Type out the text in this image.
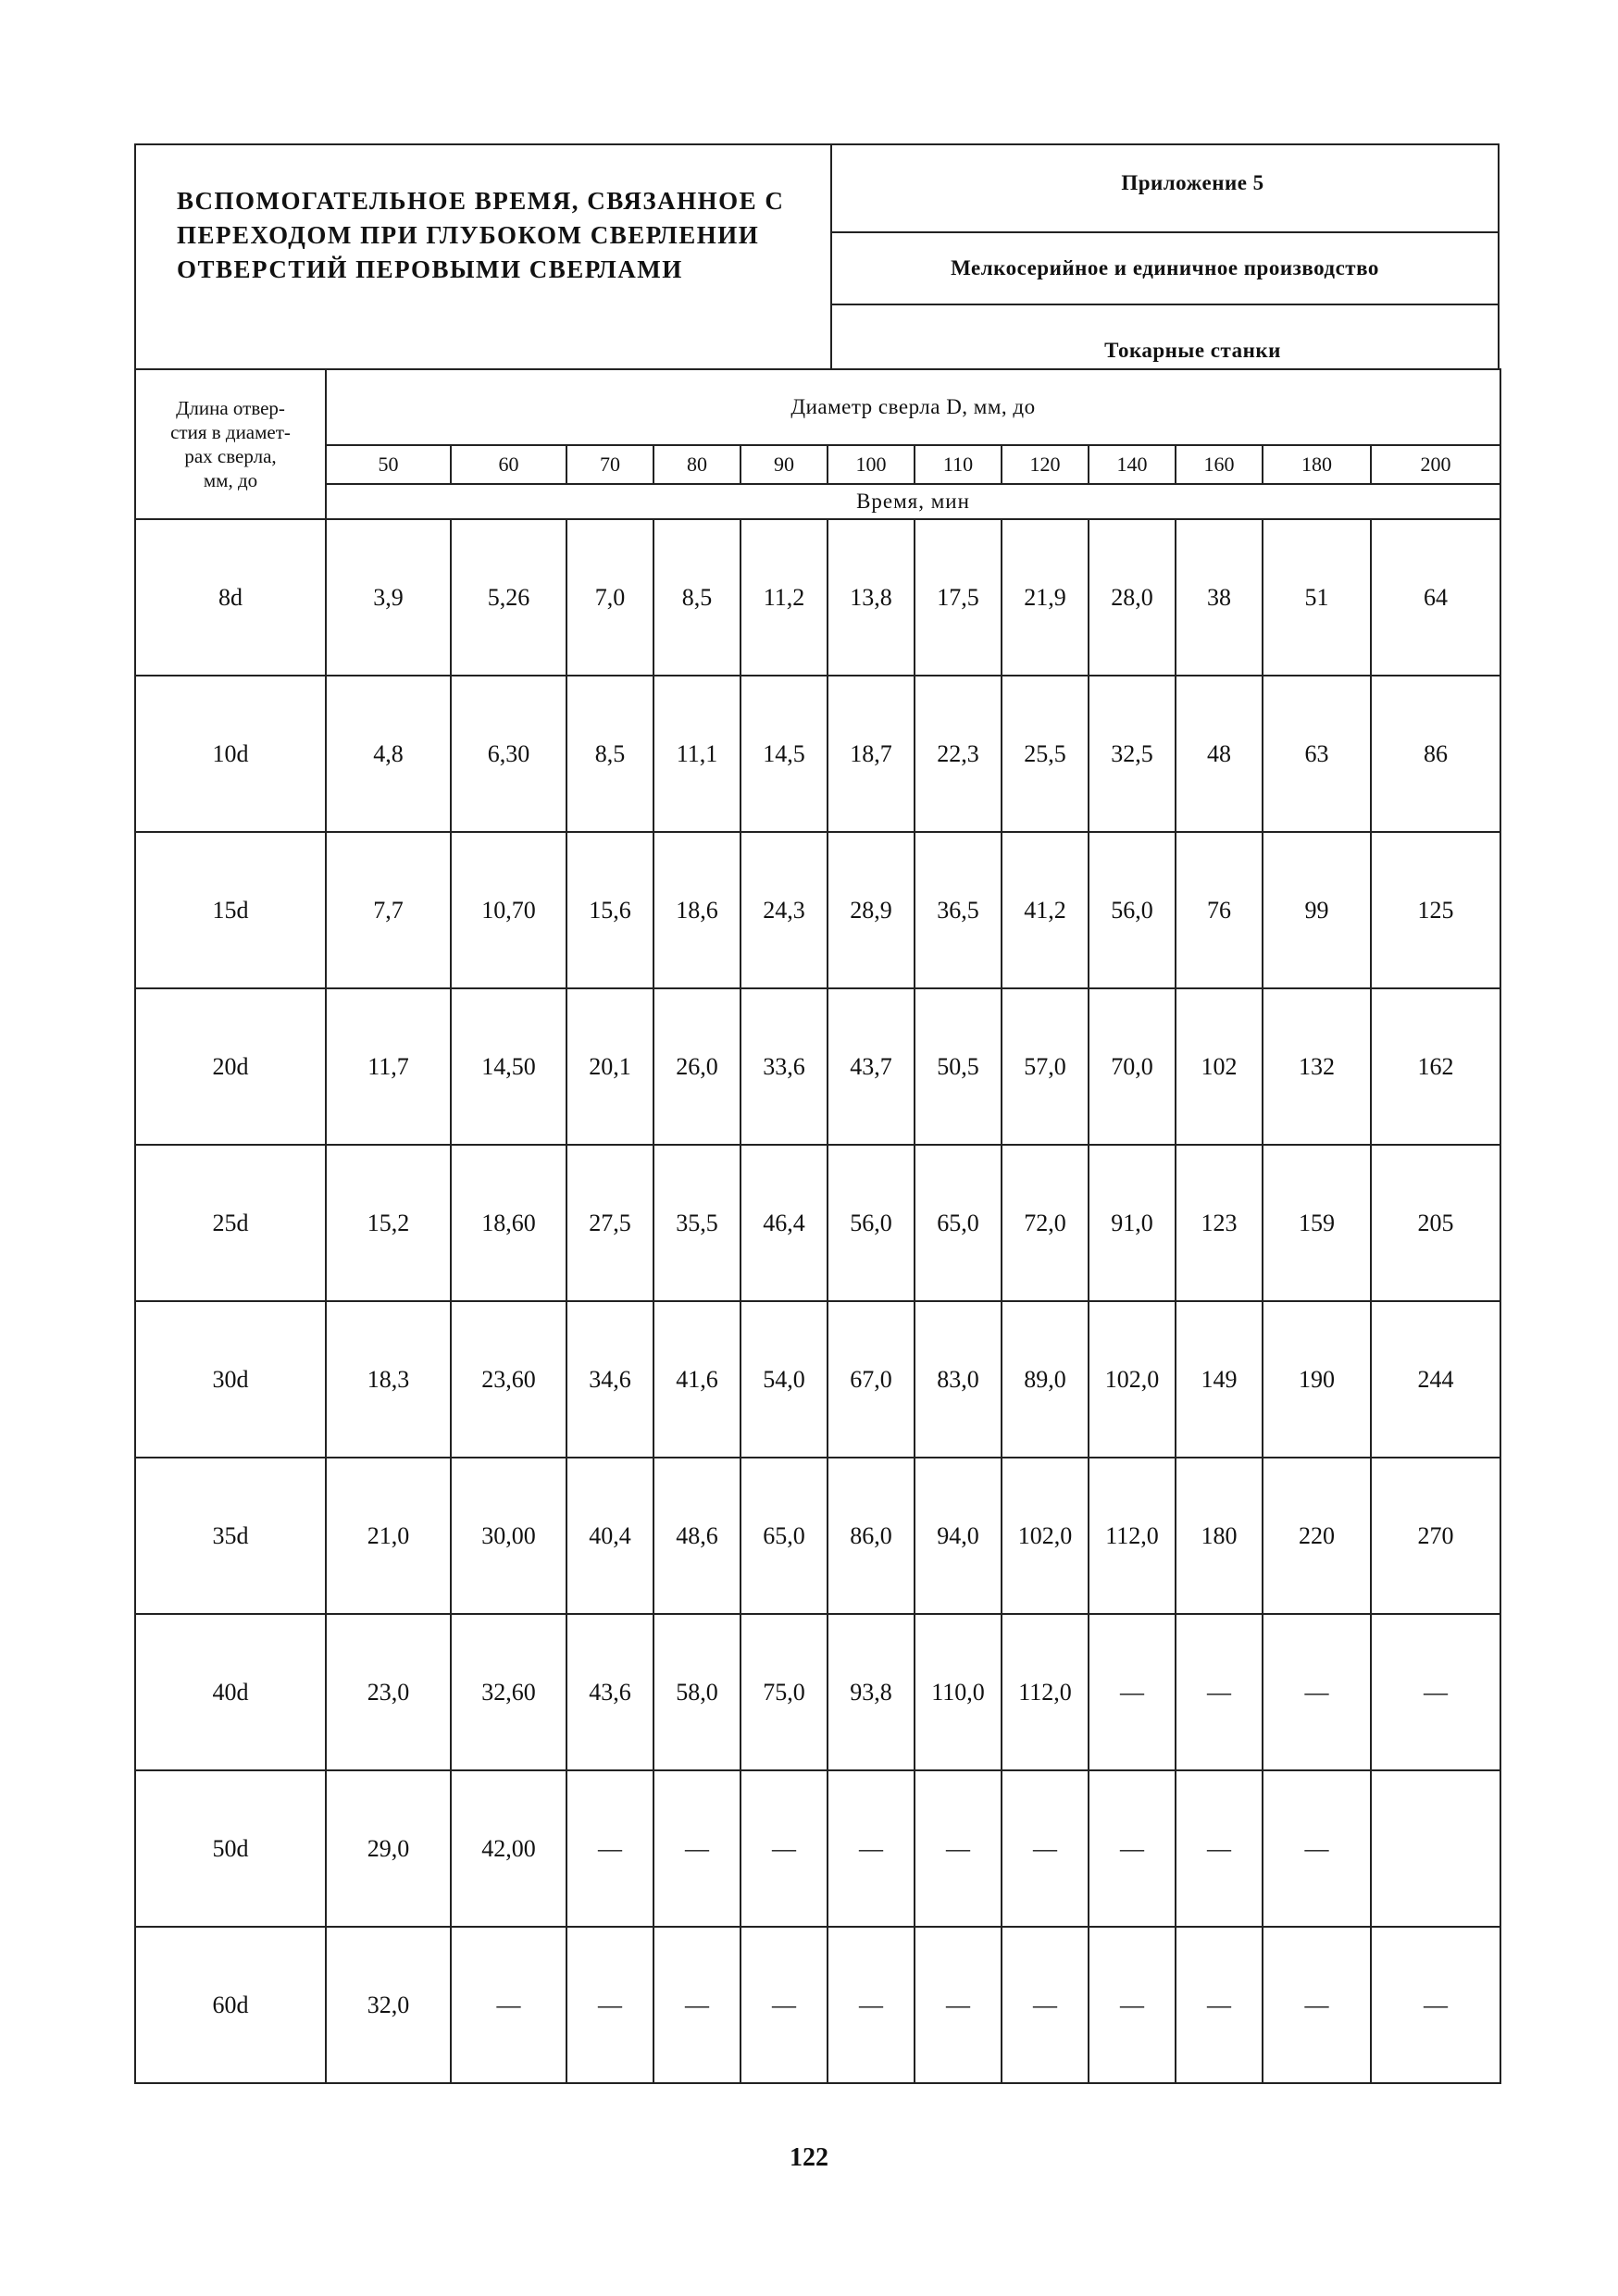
ВСПОМОГАТЕЛЬНОЕ ВРЕМЯ, СВЯЗАННОЕ С
ПЕРЕХОДОМ ПРИ ГЛУБОКОМ СВЕРЛЕНИИ
ОТВЕРСТИЙ ПЕРОВЫМИ СВЕРЛАМИ
Приложение 5
Мелкосерийное и единичное производство
Токарные станки
Длина отвер-
стия в диамет-
рах сверла,
мм, до	Диаметр сверла D, мм, до											
	50	60	70	80	90	100	110	120	140	160	180	200
	Время, мин											
8d	3,9	5,26	7,0	8,5	11,2	13,8	17,5	21,9	28,0	38	51	64
10d	4,8	6,30	8,5	11,1	14,5	18,7	22,3	25,5	32,5	48	63	86
15d	7,7	10,70	15,6	18,6	24,3	28,9	36,5	41,2	56,0	76	99	125
20d	11,7	14,50	20,1	26,0	33,6	43,7	50,5	57,0	70,0	102	132	162
25d	15,2	18,60	27,5	35,5	46,4	56,0	65,0	72,0	91,0	123	159	205
30d	18,3	23,60	34,6	41,6	54,0	67,0	83,0	89,0	102,0	149	190	244
35d	21,0	30,00	40,4	48,6	65,0	86,0	94,0	102,0	112,0	180	220	270
40d	23,0	32,60	43,6	58,0	75,0	93,8	110,0	112,0	—	—	—	—
50d	29,0	42,00	—	—	—	—	—	—	—	—	—	
60d	32,0	—	—	—	—	—	—	—	—	—	—	—
122
